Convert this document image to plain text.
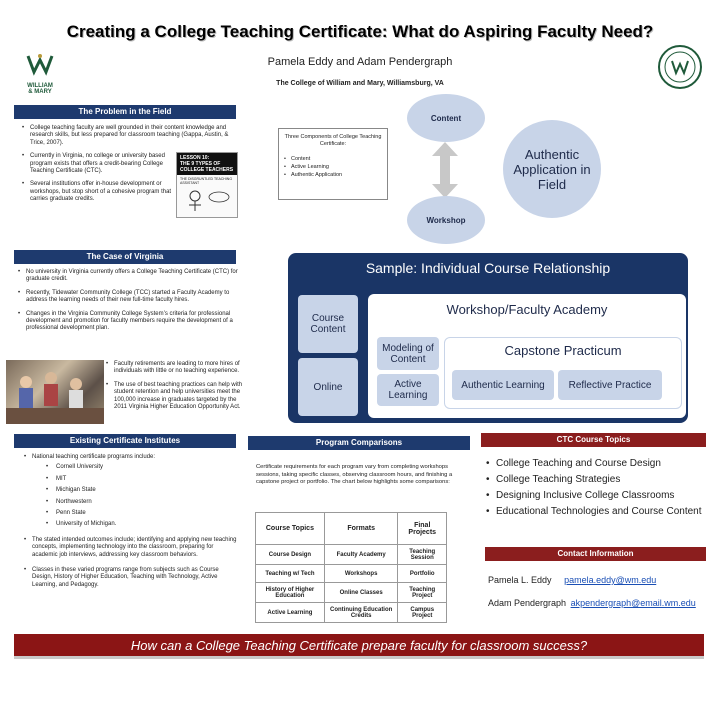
Creating a College Teaching Certificate: What do Aspiring Faculty Need?
Pamela Eddy and Adam Pendergraph
The College of William and Mary, Williamsburg, VA
WILLIAM
& MARY
The Problem in the Field
• College teaching faculty are well grounded in their content knowledge and research skills, but less prepared for classroom teaching (Gappa, Austin, & Trice, 2007).
• Currently in Virginia, no college or university based program exists that offers a credit-bearing College Teaching Certificate (CTC).
• Several institutions offer in-house development or workshops, but stop short of a cohesive program that carries graduate credits.
LESSON 10:
THE 9 TYPES OF
COLLEGE TEACHERS
THE DISGRUNTLED TEACHING ASSISTANT
Three Components of College Teaching Certificate:
• Content
• Active Learning
• Authentic Application
Content
Workshop
Authentic Application in Field
The Case of Virginia
• No university in Virginia currently offers a College Teaching Certificate (CTC) for graduate credit.
• Recently, Tidewater Community College (TCC) started a Faculty Academy to address the learning needs of their new full-time faculty hires.
• Changes in the Virginia Community College System’s criteria for professional development and promotion for faculty members require the development of a professional development plan.
• Faculty retirements are leading to more hires of individuals with little or no teaching experience.
• The use of best teaching practices can help with student retention and help universities meet the 100,000 increase in graduates targeted by the 2011 Virginia Higher Education Opportunity Act.
Sample: Individual Course Relationship
Course Content
Online
Workshop/Faculty Academy
Modeling of Content
Active Learning
Capstone Practicum
Authentic Learning	Reflective Practice
Existing Certificate Institutes
• National teaching certificate programs include:
• Cornell University
• MIT
• Michigan State
• Northwestern
• Penn State
• University of Michigan.
• The stated intended outcomes include; identifying and applying new teaching concepts, implementing technology into the classroom, preparing for academic job interviews, addressing key classroom behaviors.
• Classes in these varied programs range from subjects such as Course Design, History of Higher Education, Teaching with Technology, Active Learning, and Pedagogy.
Program Comparisons
Certificate requirements for each program vary from completing workshops sessions, taking specific classes, observing classroom hours, and finishing a capstone project or portfolio. The chart below highlights some comparisons:
Course Topics	Formats	Final Projects
Course Design	Faculty Academy	Teaching Session
Teaching w/ Tech	Workshops	Portfolio
History of Higher Education	Online Classes	Teaching Project
Active Learning	Continuing Education Credits	Campus Project
CTC Course Topics
• College Teaching and Course Design
• College Teaching Strategies
• Designing Inclusive College Classrooms
• Educational Technologies and Course Content
Contact Information
Pamela L. Eddy pamela.eddy@wm.edu
Adam Pendergraph akpendergraph@email.wm.edu
How can a College Teaching Certificate prepare faculty for classroom success?
